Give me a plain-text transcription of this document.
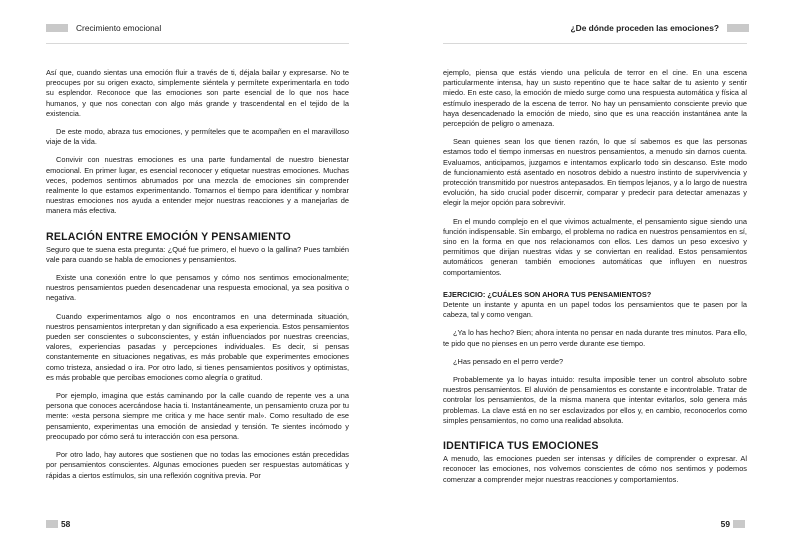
Crecimiento emocional

Así que, cuando sientas una emoción fluir a través de ti, déjala bailar y expresarse. No te preocupes por su origen exacto, simplemente siéntela y permítete experimentarla en todo su esplendor. Reconoce que las emociones son parte esencial de lo que nos hace humanos, y que nos conectan con algo más grande y trascendental en el tejido de la existencia.

De este modo, abraza tus emociones, y permíteles que te acompañen en el maravilloso viaje de la vida.

Convivir con nuestras emociones es una parte fundamental de nuestro bienestar emocional. En primer lugar, es esencial reconocer y etiquetar nuestras emociones. Muchas veces, podemos sentirnos abrumados por una mezcla de emociones sin comprender realmente lo que estamos experimentando. Tomarnos el tiempo para identificar y nombrar nuestras emociones nos ayuda a entender mejor nuestras reacciones y a manejarlas de manera más efectiva.

RELACIÓN ENTRE EMOCIÓN Y PENSAMIENTO

Seguro que te suena esta pregunta: ¿Qué fue primero, el huevo o la gallina? Pues también vale para cuando se habla de emociones y pensamientos.

Existe una conexión entre lo que pensamos y cómo nos sentimos emocionalmente; nuestros pensamientos pueden desencadenar una respuesta emocional, ya sea positiva o negativa.

Cuando experimentamos algo o nos encontramos en una determinada situación, nuestros pensamientos interpretan y dan significado a esa experiencia. Estos pensamientos pueden ser conscientes o subconscientes, y están influenciados por nuestras creencias, valores, experiencias pasadas y percepciones individuales. Es decir, si pensas constantemente en situaciones negativas, es más probable que experimentes emociones como tristeza, ansiedad o ira. Por otro lado, si tienes pensamientos positivos y optimistas, es más probable que percibas emociones como alegría o gratitud.

Por ejemplo, imagina que estás caminando por la calle cuando de repente ves a una persona que conoces acercándose hacia ti. Instantáneamente, un pensamiento cruza por tu mente: «esta persona siempre me critica y me hace sentir mal». Como resultado de ese pensamiento, experimentas una emoción de ansiedad y tensión. Te sientes incómodo y preocupado por cómo será tu interacción con esa persona.

Por otro lado, hay autores que sostienen que no todas las emociones están precedidas por pensamientos conscientes. Algunas emociones pueden ser respuestas automáticas y rápidas a ciertos estímulos, sin una reflexión cognitiva previa. Por

58
¿De dónde proceden las emociones?

ejemplo, piensa que estás viendo una película de terror en el cine. En una escena particularmente intensa, hay un susto repentino que te hace saltar de tu asiento y sentir miedo. En este caso, la emoción de miedo surge como una respuesta automática y física al estímulo inesperado de la escena de terror. No hay un pensamiento consciente previo que haya desencadenado la emoción de miedo, sino que es una reacción instantánea ante la percepción de peligro o amenaza.

Sean quienes sean los que tienen razón, lo que sí sabemos es que las personas estamos todo el tiempo inmersas en nuestros pensamientos, a menudo sin darnos cuenta. Evaluamos, anticipamos, juzgamos e intentamos explicarlo todo sin descanso. Este modo de funcionamiento está asentado en nosotros debido a nuestro instinto de supervivencia y protección transmitido por nuestros antepasados. En tiempos lejanos, y a lo largo de nuestra evolución, ha sido crucial poder discernir, comparar y predecir para detectar amenazas y elegir la mejor opción para sobrevivir.

En el mundo complejo en el que vivimos actualmente, el pensamiento sigue siendo una función indispensable. Sin embargo, el problema no radica en nuestros pensamientos en sí, sino en la forma en que nos relacionamos con ellos. Les damos un peso excesivo y permitimos que dirijan nuestras vidas y se conviertan en realidad. Estos pensamientos automáticos generan también emociones automáticas que influyen en nuestros comportamientos.

EJERCICIO: ¿CUÁLES SON AHORA TUS PENSAMIENTOS?

Detente un instante y apunta en un papel todos los pensamientos que te pasen por la cabeza, tal y como vengan.

¿Ya lo has hecho? Bien; ahora intenta no pensar en nada durante tres minutos. Para ello, te pido que no pienses en un perro verde durante ese tiempo.

¿Has pensado en el perro verde?

Probablemente ya lo hayas intuido: resulta imposible tener un control absoluto sobre nuestros pensamientos. El aluvión de pensamientos es constante e incontrolable. Tratar de controlar los pensamientos, de la misma manera que intentar evitarlos, solo genera más problemas. La clave está en no ser esclavizados por ellos y, en cambio, reconocerlos como simples pensamientos, no como una realidad absoluta.

IDENTIFICA TUS EMOCIONES

A menudo, las emociones pueden ser intensas y difíciles de comprender o expresar. Al reconocer las emociones, nos volvemos conscientes de cómo nos sentimos y podemos comenzar a comprender mejor nuestras reacciones y comportamientos.

59
